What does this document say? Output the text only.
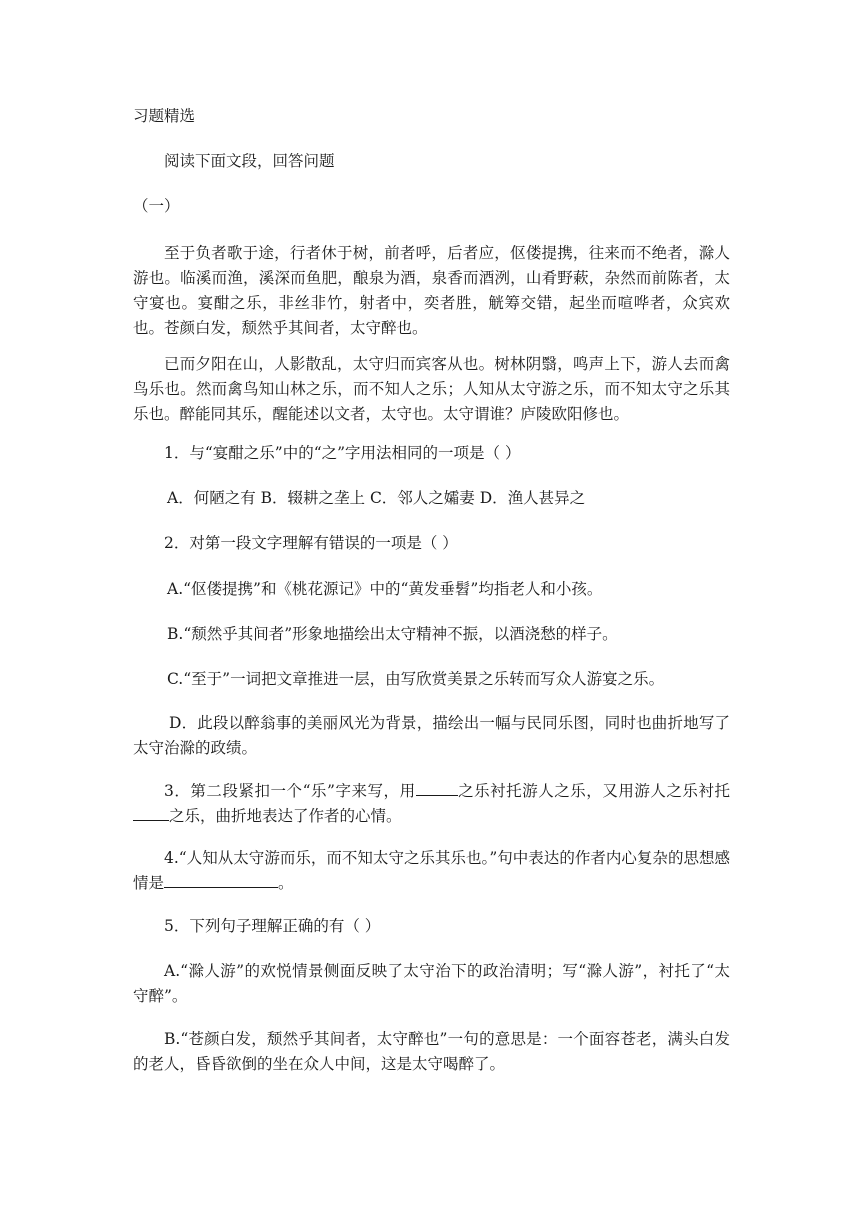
习题精选
阅读下面文段，回答问题
（一）
至于负者歌于途，行者休于树，前者呼，后者应，伛偻提携，往来而不绝者，滁人游也。临溪而渔，溪深而鱼肥，酿泉为酒，泉香而酒洌，山肴野蔌，杂然而前陈者，太守宴也。宴酣之乐，非丝非竹，射者中，奕者胜，觥筹交错，起坐而喧哗者，众宾欢也。苍颜白发，颓然乎其间者，太守醉也。
已而夕阳在山，人影散乱，太守归而宾客从也。树林阴翳，鸣声上下，游人去而禽鸟乐也。然而禽鸟知山林之乐，而不知人之乐；人知从太守游之乐，而不知太守之乐其乐也。醉能同其乐，醒能述以文者，太守也。太守谓谁？庐陵欧阳修也。
1．与“宴酣之乐”中的“之”字用法相同的一项是（ ）
A．何陋之有 B．辍耕之垄上 C．邻人之孀妻 D．渔人甚异之
2．对第一段文字理解有错误的一项是（ ）
A.“伛偻提携”和《桃花源记》中的“黄发垂髫”均指老人和小孩。
B.“颓然乎其间者”形象地描绘出太守精神不振，以酒浇愁的样子。
C.“至于”一词把文章推进一层，由写欣赏美景之乐转而写众人游宴之乐。
D．此段以醉翁事的美丽风光为背景，描绘出一幅与民同乐图，同时也曲折地写了太守治滁的政绩。
3．第二段紧扣一个“乐”字来写，用	之乐衬托游人之乐，又用游人之乐衬托之乐，曲折地表达了作者的心情。
4.“人知从太守游而乐，而不知太守之乐其乐也。”句中表达的作者内心复杂的思想感情是	。
5．下列句子理解正确的有（ ）
A.“滁人游”的欢悦情景侧面反映了太守治下的政治清明；写“滁人游”，衬托了“太守醉”。
B.“苍颜白发，颓然乎其间者，太守醉也”一句的意思是：一个面容苍老，满头白发的老人，昏昏欲倒的坐在众人中间，这是太守喝醉了。
